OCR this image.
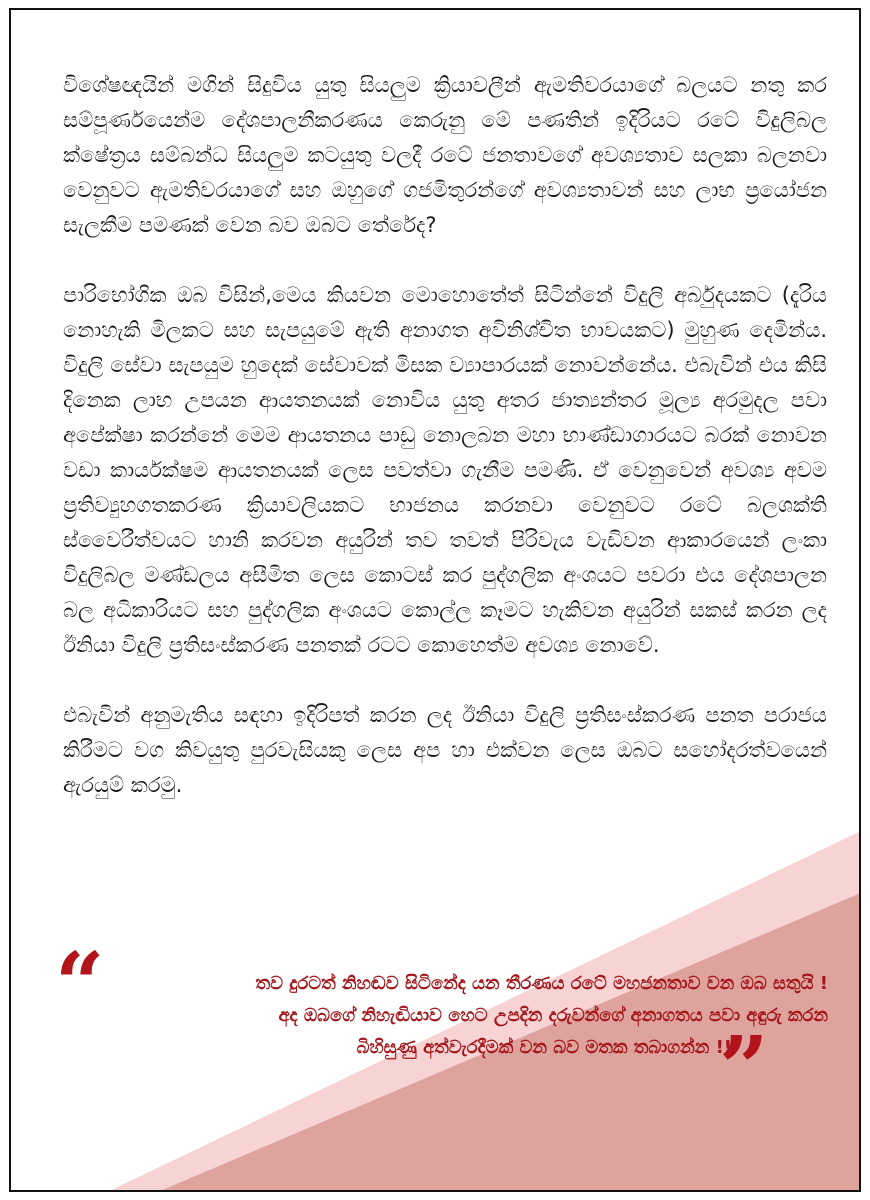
විශේෂඥයින් මගින් සිදුවිය යුතු සියලුම ක්‍රියාවලීන් ඇමතිවරයාගේ බලයට නතු කර සම්පූර්ණයෙන්ම දේශපාලනීකරණය කෙරුනු මේ පණතින් ඉදිරියට රටේ විදුලිබල ක්ෂේත්‍රය සම්බන්ධ සියලුම කටයුතු වලදී රටේ ජනතාවගේ අවශ්‍යතාව සලකා බලනවා වෙනුවට ඇමතිවරයාගේ සහ ඔහුගේ ගජමිතුරන්ගේ අවශ්‍යතාවන් සහ ලාභ ප්‍රයෝජන සැලකීම පමණක් වෙන බව ඔබට තේරේද?

පාරිභෝගික ඔබ විසින්,මෙය කියවන මොහොතේත් සිටින්නේ විදුලි අර්බුදයකට (දැරිය නොහැකි මිලකට සහ සැපයුමේ ඇති අනාගත අවිනිශ්චිත භාවයකට) මුහුණ දෙමින්ය. විදුලි සේවා සැපයුම හුදෙක් සේවාවක් මිසක ව්‍යාපාරයක් නොවන්නේය. එබැවින් එය කිසි දිනෙක ලාභ උපයන ආයතනයක් නොවිය යුතු අතර ජාත්‍යන්තර මූල්‍ය අරමුදල පවා අපේක්ෂා කරන්නේ මෙම ආයතනය පාඩු නොලබන මහා භාණ්ඩාගාරයට බරක් නොවන වඩා කාර්යක්ෂම ආයතනයක් ලෙස පවත්වා ගැනීම පමණි. ඒ වෙනුවෙන් අවශ්‍ය අවම ප්‍රතිව්‍යුහගතකරණ ක්‍රියාවලියකට භාජනය කරනවා වෙනුවට රටේ බලශක්ති ස්වෛරීත්වයට හානි කරවන අයුරින් තව තවත් පිරිවැය වැඩිවන ආකාරයෙන් ලංකා විදුලිබල මණ්ඩලය අසීමිත ලෙස කොටස් කර පුද්ගලික අංශයට පවරා එය දේශපාලන බල අධිකාරියට සහ පුද්ගලික අංශයට කොල්ල කෑමට හැකිවන අයුරින් සකස් කරන ලද ඊනියා විදුලි ප්‍රතිසංස්කරණ පනතක් රටට කොහෙත්ම අවශ්‍ය නොවේ.

එබැවින් අනුමැතිය සඳහා ඉදිරිපත් කරන ලද ඊනියා විදුලි ප්‍රතිසංස්කරණ පනත පරාජය කිරීමට වග කිවයුතු පුරවැසියකු ලෙස අප හා එක්වන ලෙස ඔබට සහෝදරත්වයෙන් ඇරයුම් කරමු.

“	තව දුරටත් නිහඬව සිටිනේද යන තීරණය රටේ මහජනතාව වන ඔබ සතුයි !
අද ඔබගේ නිහැඬියාව හෙට උපදින දරුවන්ගේ අනාගතය පවා අඳුරු කරන
බිහිසුණු අත්වැරදීමක් වන බව මතක තබාගන්න !!
”
